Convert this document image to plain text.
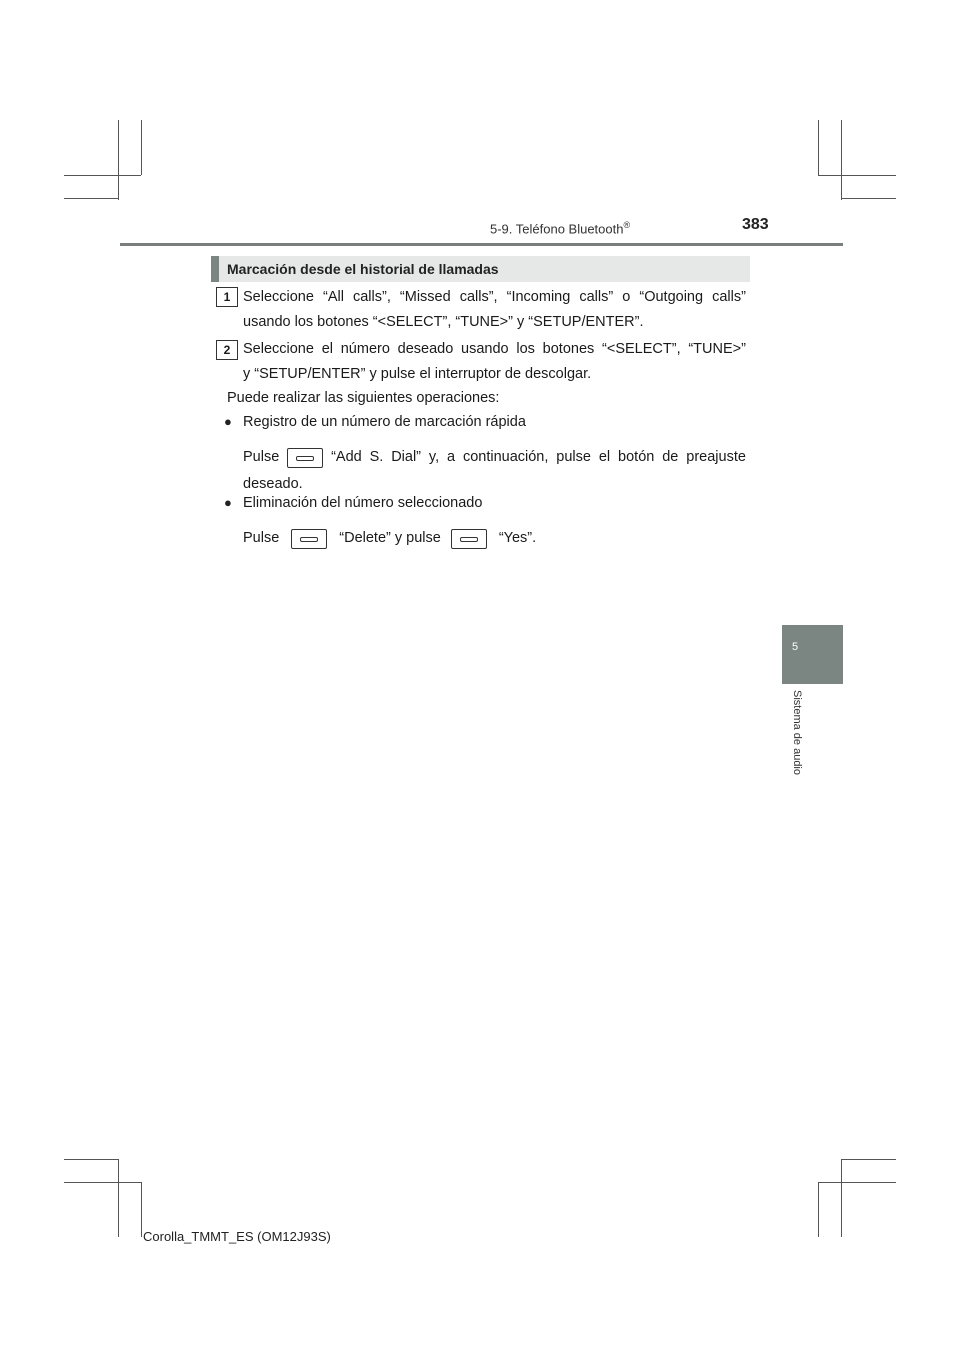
5-9. Teléfono Bluetooth®	383
5
Sistema de audio
Marcación desde el historial de llamadas
1 Seleccione “All calls”, “Missed calls”, “Incoming calls” o “Outgoing calls”
usando los botones “<SELECT”, “TUNE>” y “SETUP/ENTER”.
2 Seleccione el número deseado usando los botones “<SELECT”, “TUNE>”
y “SETUP/ENTER” y pulse el interruptor de descolgar.
Puede realizar las siguientes operaciones:
● Registro de un número de marcación rápida
Pulse	“Add S. Dial” y, a continuación, pulse el botón de preajuste
deseado.
● Eliminación del número seleccionado
Pulse	“Delete” y pulse	“Yes”.
Corolla_TMMT_ES (OM12J93S)
